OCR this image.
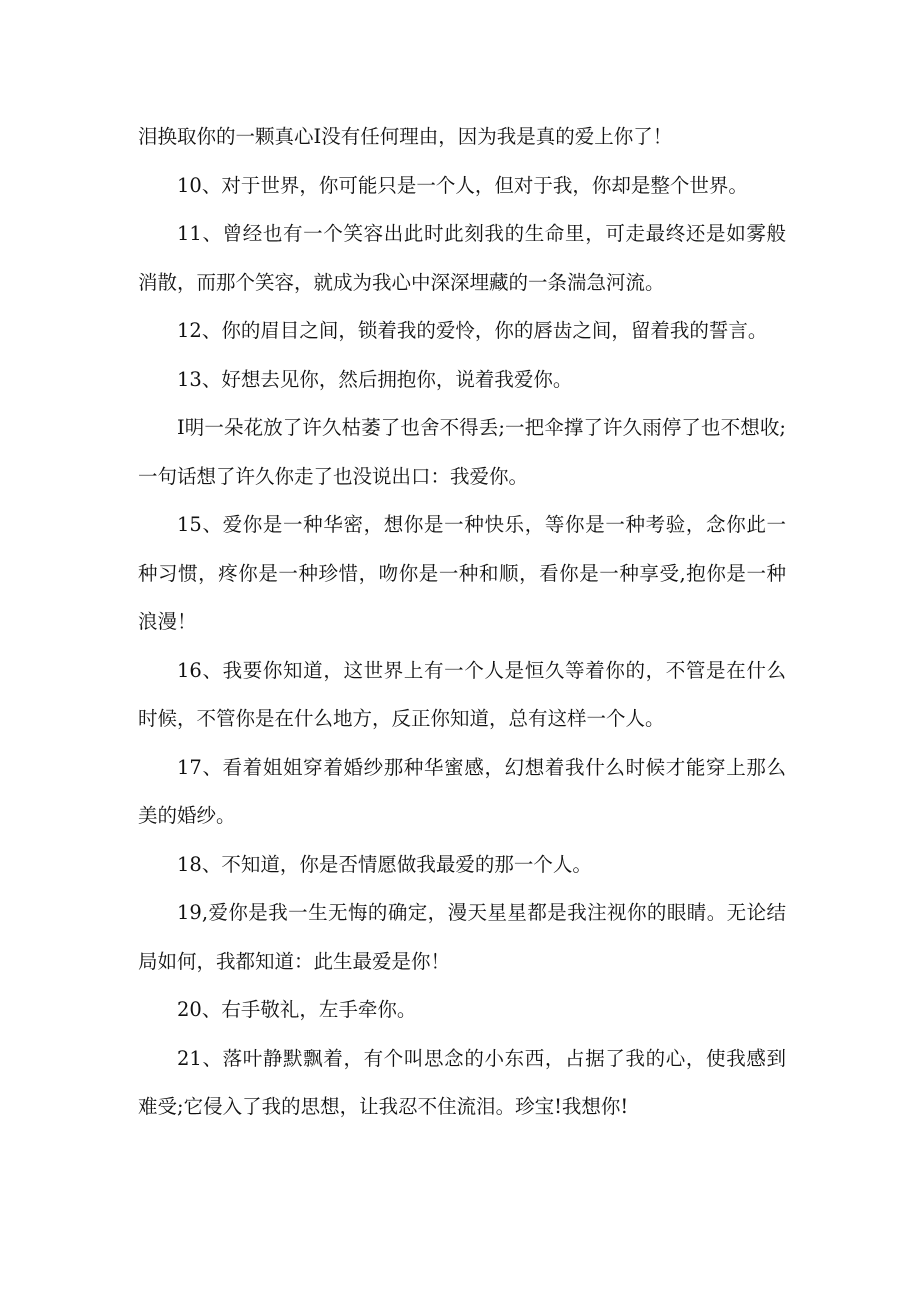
泪换取你的一颗真心Ⅰ没有任何理由，因为我是真的爱上你了！

10、对于世界，你可能只是一个人，但对于我，你却是整个世界。

11、曾经也有一个笑容出此时此刻我的生命里，可走最终还是如雾般消散，而那个笑容，就成为我心中深深埋藏的一条湍急河流。

12、你的眉目之间，锁着我的爱怜，你的唇齿之间，留着我的誓言。

13、好想去见你，然后拥抱你，说着我爱你。

Ⅰ明一朵花放了许久枯萎了也舍不得丢;一把伞撑了许久雨停了也不想收;一句话想了许久你走了也没说出口：我爱你。

15、爱你是一种华密，想你是一种快乐，等你是一种考验，念你此一种习惯，疼你是一种珍惜，吻你是一种和顺，看你是一种享受,抱你是一种浪漫！

16、我要你知道，这世界上有一个人是恒久等着你的，不管是在什么时候，不管你是在什么地方，反正你知道，总有这样一个人。

17、看着姐姐穿着婚纱那种华蜜感，幻想着我什么时候才能穿上那么美的婚纱。

18、不知道，你是否情愿做我最爱的那一个人。

19,爱你是我一生无悔的确定，漫天星星都是我注视你的眼睛。无论结局如何，我都知道：此生最爱是你！

20、右手敬礼，左手牵你。

21、落叶静默飘着，有个叫思念的小东西，占据了我的心，使我感到难受;它侵入了我的思想，让我忍不住流泪。珍宝!我想你!
